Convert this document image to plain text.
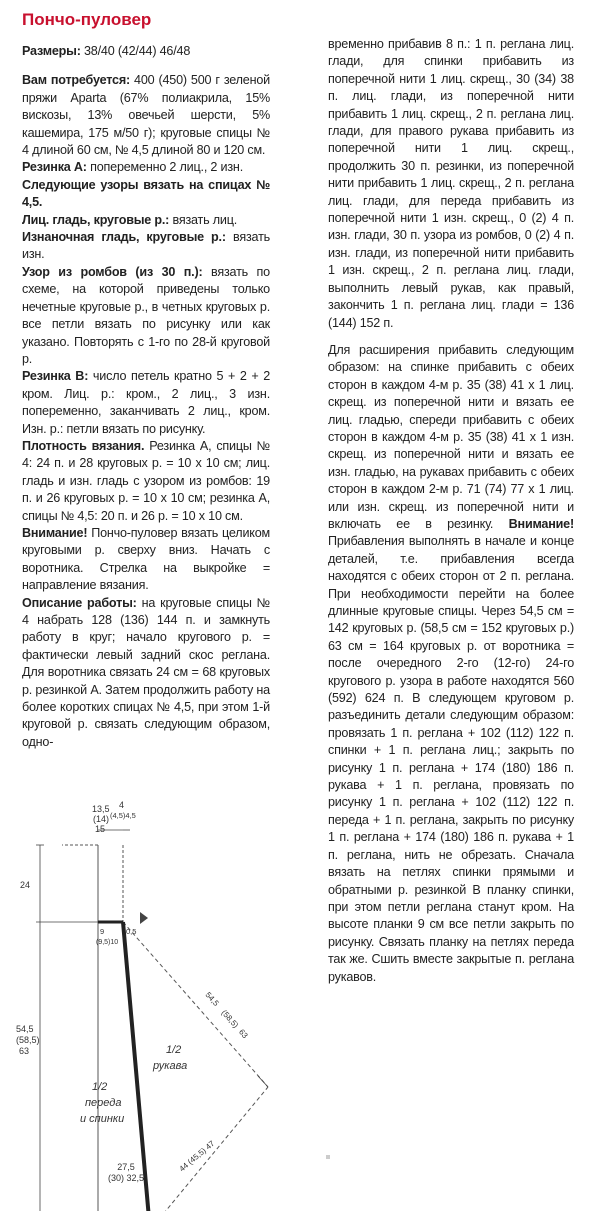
Пончо-пуловер

Размеры: 38/40 (42/44) 46/48

Вам потребуется: 400 (450) 500 г зеленой пряжи Aparta (67% полиакрила, 15% вискозы, 13% овечьей шерсти, 5% кашемира, 175 м/50 г); круговые спицы № 4 длиной 60 см, № 4,5 длиной 80 и 120 см.

Резинка А: попеременно 2 лиц., 2 изн.

Следующие узоры вязать на спицах № 4,5.

Лиц. гладь, круговые р.: вязать лиц.

Изнаночная гладь, круговые р.: вязать изн.

Узор из ромбов (из 30 п.): вязать по схеме, на которой приведены только нечетные круговые р., в четных круговых р. все петли вязать по рисунку или как указано. Повторять с 1-го по 28-й круговой р.

Резинка В: число петель кратно 5 + 2 + 2 кром. Лиц. р.: кром., 2 лиц., 3 изн. попеременно, заканчивать 2 лиц., кром. Изн. р.: петли вязать по рисунку.

Плотность вязания. Резинка А, спицы № 4: 24 п. и 28 круговых р. = 10 х 10 см; лиц. гладь и изн. гладь с узором из ромбов: 19 п. и 26 круговых р. = 10 х 10 см; резинка А, спицы № 4,5: 20 п. и 26 р. = 10 х 10 см.

Внимание! Пончо-пуловер вязать целиком круговыми р. сверху вниз. Начать с воротника. Стрелка на выкройке = направление вязания.

Описание работы: на круговые спицы № 4 набрать 128 (136) 144 п. и замкнуть работу в круг; начало кругового р. = фактически левый задний скос реглана. Для воротника связать 24 см = 68 круговых р. резинкой А. Затем продолжить работу на более коротких спицах № 4,5, при этом 1-й круговой р. связать следующим образом, одно-

временно прибавив 8 п.: 1 п. реглана лиц. глади, для спинки прибавить из поперечной нити 1 лиц. скрещ., 30 (34) 38 п. лиц. глади, из поперечной нити прибавить 1 лиц. скрещ., 2 п. реглана лиц. глади, для правого рукава прибавить из поперечной нити 1 лиц. скрещ., продолжить 30 п. резинки, из поперечной нити прибавить 1 лиц. скрещ., 2 п. реглана лиц. глади, для переда прибавить из поперечной нити 1 изн. скрещ., 0 (2) 4 п. изн. глади, 30 п. узора из ромбов, 0 (2) 4 п. изн. глади, из поперечной нити прибавить 1 изн. скрещ., 2 п. реглана лиц. глади, выполнить левый рукав, как правый, закончить 1 п. реглана лиц. глади = 136 (144) 152 п.

Для расширения прибавить следующим образом: на спинке прибавить с обеих сторон в каждом 4-м р. 35 (38) 41 х 1 лиц. скрещ. из поперечной нити и вязать ее лиц. гладью, спереди прибавить с обеих сторон в каждом 4-м р. 35 (38) 41 х 1 изн. скрещ. из поперечной нити и вязать ее изн. гладью, на рукавах прибавить с обеих сторон в каждом 2-м р. 71 (74) 77 х 1 лиц. или изн. скрещ. из поперечной нити и включать ее в резинку. Внимание! Прибавления выполнять в начале и конце деталей, т.е. прибавления всегда находятся с обеих сторон от 2 п. реглана. При необходимости перейти на более длинные круговые спицы. Через 54,5 см = 142 круговых р. (58,5 см = 152 круговых р.) 63 см = 164 круговых р. от воротника = после очередного 2-го (12-го) 24-го кругового р. узора в работе находятся 560 (592) 624 п. В следующем круговом р. разъединить детали следующим образом: провязать 1 п. реглана + 102 (112) 122 п. спинки + 1 п. реглана лиц.; закрыть по рисунку 1 п. реглана + 174 (180) 186 п. рукава + 1 п. реглана, провязать по рисунку 1 п. реглана + 102 (112) 122 п. переда + 1 п. реглана, закрыть по рисунку 1 п. реглана + 174 (180) 186 п. рукава + 1 п. реглана, нить не обрезать. Сначала вязать на петлях спинки прямыми и обратными р. резинкой В планку спинки, при этом петли реглана станут кром. На высоте планки 9 см все петли закрыть по рисунку. Связать планку на петлях переда так же. Сшить вместе закрытые п. реглана рукавов.

13,5
(14)
15
4
(4,5)4,5
24
9
(9,5)10
0,5
54,5
(58,5)
63
54,5
(58,5)
63
1/2
переда
и спинки
1/2
рукава
44 (45,5) 47
27,5
(30) 32,5
